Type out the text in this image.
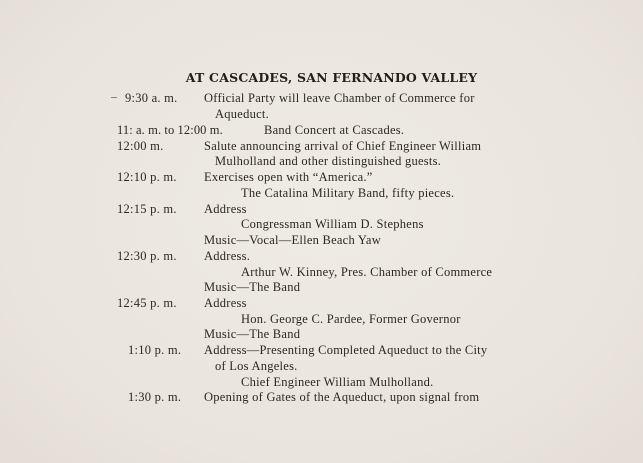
AT CASCADES, SAN FERNANDO VALLEY
9:30 a. m. Official Party will leave Chamber of Commerce for
Aqueduct.
11: a. m. to 12:00 m.	Band Concert at Cascades.
12:00 m.	Salute announcing arrival of Chief Engineer William
Mulholland and other distinguished guests.
12:10 p. m. Exercises open with “America.”
The Catalina Military Band, fifty pieces.
12:15 p. m. Address
Congressman William D. Stephens
Music—Vocal—Ellen Beach Yaw
12:30 p. m. Address.
Arthur W. Kinney, Pres. Chamber of Commerce
Music—The Band
12:45 p. m. Address
Hon. George C. Pardee, Former Governor
Music—The Band
1:10 p. m. Address—Presenting Completed Aqueduct to the City
of Los Angeles.
Chief Engineer William Mulholland.
1:30 p. m. Opening of Gates of the Aqueduct, upon signal from
